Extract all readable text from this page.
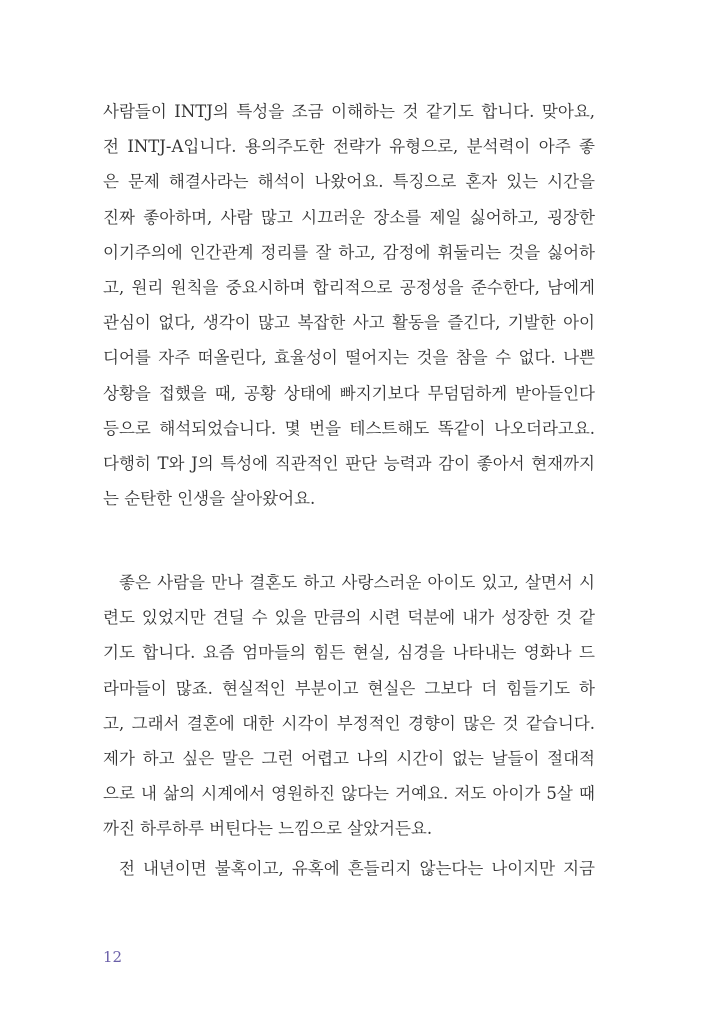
사람들이 INTJ의 특성을 조금 이해하는 것 같기도 합니다. 맞아요,
전 INTJ-A입니다. 용의주도한 전략가 유형으로, 분석력이 아주 좋
은 문제 해결사라는 해석이 나왔어요. 특징으로 혼자 있는 시간을
진짜 좋아하며, 사람 많고 시끄러운 장소를 제일 싫어하고, 굉장한
이기주의에 인간관계 정리를 잘 하고, 감정에 휘둘리는 것을 싫어하
고, 원리 원칙을 중요시하며 합리적으로 공정성을 준수한다, 남에게
관심이 없다, 생각이 많고 복잡한 사고 활동을 즐긴다, 기발한 아이
디어를 자주 떠올린다, 효율성이 떨어지는 것을 참을 수 없다. 나쁜
상황을 접했을 때, 공황 상태에 빠지기보다 무덤덤하게 받아들인다
등으로 해석되었습니다. 몇 번을 테스트해도 똑같이 나오더라고요.
다행히 T와 J의 특성에 직관적인 판단 능력과 감이 좋아서 현재까지
는 순탄한 인생을 살아왔어요.
좋은 사람을 만나 결혼도 하고 사랑스러운 아이도 있고, 살면서 시
련도 있었지만 견딜 수 있을 만큼의 시련 덕분에 내가 성장한 것 같
기도 합니다. 요즘 엄마들의 힘든 현실, 심경을 나타내는 영화나 드
라마들이 많죠. 현실적인 부분이고 현실은 그보다 더 힘들기도 하
고, 그래서 결혼에 대한 시각이 부정적인 경향이 많은 것 같습니다.
제가 하고 싶은 말은 그런 어렵고 나의 시간이 없는 날들이 절대적
으로 내 삶의 시계에서 영원하진 않다는 거예요. 저도 아이가 5살 때
까진 하루하루 버틴다는 느낌으로 살았거든요.
전 내년이면 불혹이고, 유혹에 흔들리지 않는다는 나이지만 지금
12
